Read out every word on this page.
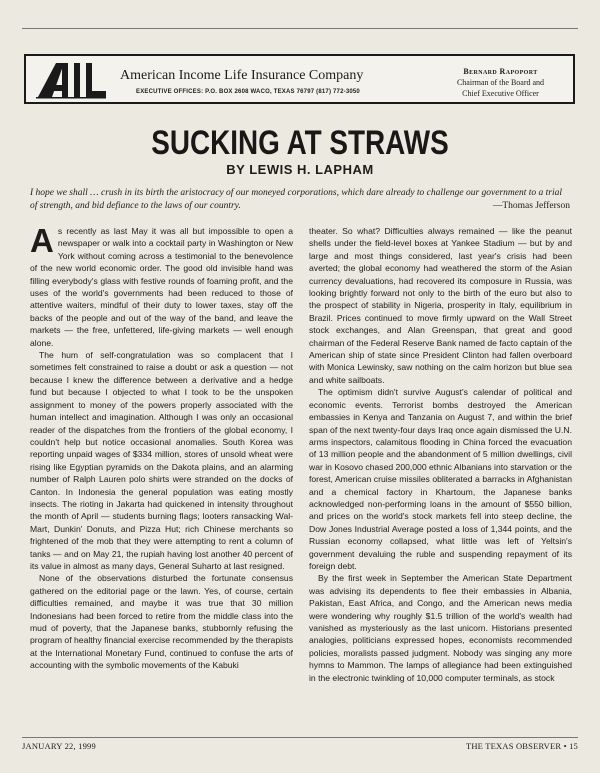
American Income Life Insurance Company
EXECUTIVE OFFICES: P.O. BOX 2608 WACO, TEXAS 76797 (817) 772-3050
Bernard Rapoport
Chairman of the Board and
Chief Executive Officer
SUCKING AT STRAWS
BY LEWIS H. LAPHAM
I hope we shall … crush in its birth the aristocracy of our moneyed corporations, which dare already to challenge our government to a trial of strength, and bid defiance to the laws of our country.	—Thomas Jefferson

As recently as last May it was all but impossible to open a newspaper or walk into a cocktail party in Washington or New York without coming across a testimonial to the benevolence of the new world economic order. The good old invisible hand was filling everybody's glass with festive rounds of foaming profit, and the uses of the world's governments had been reduced to those of attentive waiters, mindful of their duty to lower taxes, stay off the backs of the people and out of the way of the band, and leave the markets — the free, unfettered, life-giving markets — well enough alone.

The hum of self-congratulation was so complacent that I sometimes felt constrained to raise a doubt or ask a question — not because I knew the difference between a derivative and a hedge fund but because I objected to what I took to be the unspoken assignment to money of the powers properly associated with the human intellect and imagination. Although I was only an occasional reader of the dispatches from the frontiers of the global economy, I couldn't help but notice occasional anomalies. South Korea was reporting unpaid wages of $334 million, stores of unsold wheat were rising like Egyptian pyramids on the Dakota plains, and an alarming number of Ralph Lauren polo shirts were stranded on the docks of Canton. In Indonesia the general population was eating mostly insects. The rioting in Jakarta had quickened in intensity throughout the month of April — students burning flags; looters ransacking Wal-Mart, Dunkin' Donuts, and Pizza Hut; rich Chinese merchants so frightened of the mob that they were attempting to rent a column of tanks — and on May 21, the rupiah having lost another 40 percent of its value in almost as many days, General Suharto at last resigned.

None of the observations disturbed the fortunate consensus gathered on the editorial page or the lawn. Yes, of course, certain difficulties remained, and maybe it was true that 30 million Indonesians had been forced to retire from the middle class into the mud of poverty, that the Japanese banks, stubbornly refusing the program of healthy financial exercise recommended by the therapists at the International Monetary Fund, continued to confuse the arts of accounting with the symbolic movements of the Kabuki

theater. So what? Difficulties always remained — like the peanut shells under the field-level boxes at Yankee Stadium — but by and large and most things considered, last year's crisis had been averted; the global economy had weathered the storm of the Asian currency devaluations, had recovered its composure in Russia, was looking brightly forward not only to the birth of the euro but also to the prospect of stability in Nigeria, prosperity in Italy, equilibrium in Brazil. Prices continued to move firmly upward on the Wall Street stock exchanges, and Alan Greenspan, that great and good chairman of the Federal Reserve Bank named de facto captain of the American ship of state since President Clinton had fallen overboard with Monica Lewinsky, saw nothing on the calm horizon but blue sea and white sailboats.

The optimism didn't survive August's calendar of political and economic events. Terrorist bombs destroyed the American embassies in Kenya and Tanzania on August 7, and within the brief span of the next twenty-four days Iraq once again dismissed the U.N. arms inspectors, calamitous flooding in China forced the evacuation of 13 million people and the abandonment of 5 million dwellings, civil war in Kosovo chased 200,000 ethnic Albanians into starvation or the forest, American cruise missiles obliterated a barracks in Afghanistan and a chemical factory in Khartoum, the Japanese banks acknowledged non-performing loans in the amount of $550 billion, and prices on the world's stock markets fell into steep decline, the Dow Jones Industrial Average posted a loss of 1,344 points, and the Russian economy collapsed, what little was left of Yeltsin's government devaluing the ruble and suspending repayment of its foreign debt.

By the first week in September the American State Department was advising its dependents to flee their embassies in Albania, Pakistan, East Africa, and Congo, and the American news media were wondering why roughly $1.5 trillion of the world's wealth had vanished as mysteriously as the last unicorn. Historians presented analogies, politicians expressed hopes, economists recommended policies, moralists passed judgment. Nobody was singing any more hymns to Mammon. The lamps of allegiance had been extinguished in the electronic twinkling of 10,000 computer terminals, as stock

JANUARY 22, 1999	THE TEXAS OBSERVER • 15
